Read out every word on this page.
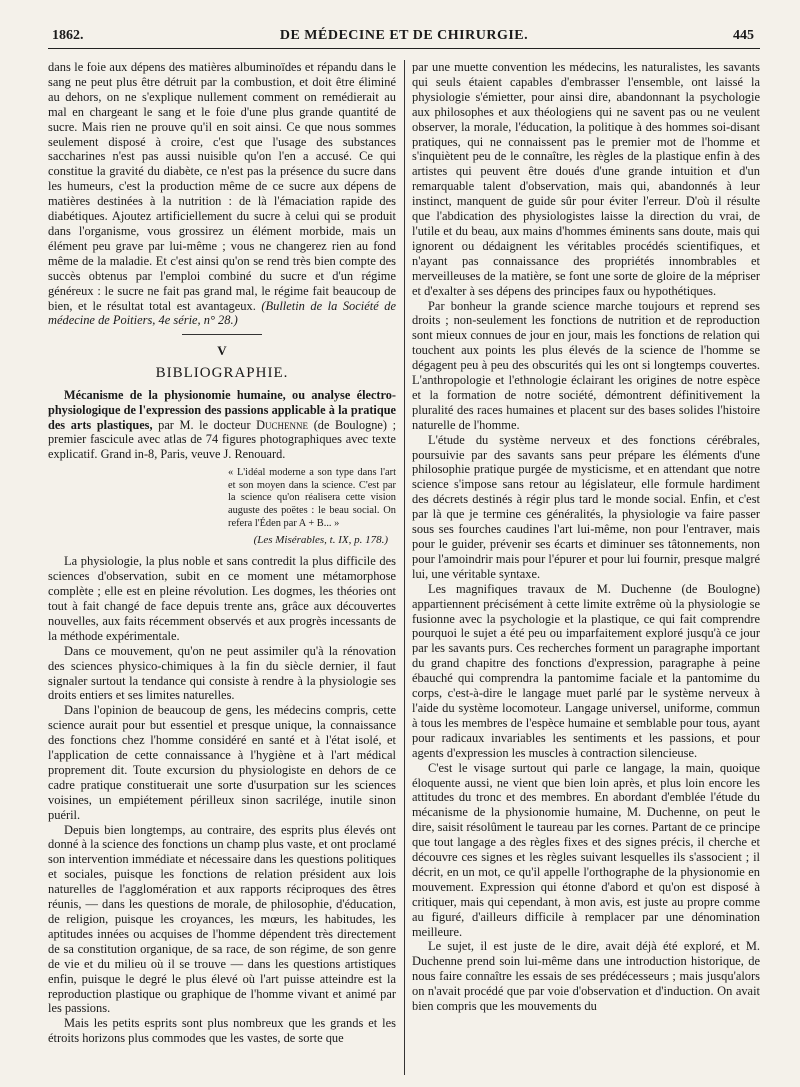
1862.	DE MÉDECINE ET DE CHIRURGIE.	445

dans le foie aux dépens des matières albuminoïdes et répandu dans le sang ne peut plus être détruit par la combustion, et doit être éliminé au dehors, on ne s'explique nullement comment on remédierait au mal en chargeant le sang et le foie d'une plus grande quantité de sucre. Mais rien ne prouve qu'il en soit ainsi. Ce que nous sommes seulement disposé à croire, c'est que l'usage des substances saccharines n'est pas aussi nuisible qu'on l'en a accusé. Ce qui constitue la gravité du diabète, ce n'est pas la présence du sucre dans les humeurs, c'est la production même de ce sucre aux dépens de matières destinées à la nutrition : de là l'émaciation rapide des diabétiques. Ajoutez artificiellement du sucre à celui qui se produit dans l'organisme, vous grossirez un élément morbide, mais un élément peu grave par lui-même ; vous ne changerez rien au fond même de la maladie. Et c'est ainsi qu'on se rend très bien compte des succès obtenus par l'emploi combiné du sucre et d'un régime généreux : le sucre ne fait pas grand mal, le régime fait beaucoup de bien, et le résultat total est avantageux. (Bulletin de la Société de médecine de Poitiers, 4e série, n° 28.)

V
BIBLIOGRAPHIE.

Mécanisme de la physionomie humaine, ou analyse électro-physiologique de l'expression des passions applicable à la pratique des arts plastiques, par M. le docteur Duchenne (de Boulogne) ; premier fascicule avec atlas de 74 figures photographiques avec texte explicatif. Grand in-8, Paris, veuve J. Renouard.

« L'idéal moderne a son type dans l'art et son moyen dans la science. C'est par la science qu'on réalisera cette vision auguste des poëtes : le beau social. On refera l'Éden par A + B... »
(Les Misérables, t. IX, p. 178.)

La physiologie, la plus noble et sans contredit la plus difficile des sciences d'observation, subit en ce moment une métamorphose complète ; elle est en pleine révolution. Les dogmes, les théories ont tout à fait changé de face depuis trente ans, grâce aux découvertes nouvelles, aux faits récemment observés et aux progrès incessants de la méthode expérimentale.

Dans ce mouvement, qu'on ne peut assimiler qu'à la rénovation des sciences physico-chimiques à la fin du siècle dernier, il faut signaler surtout la tendance qui consiste à rendre à la physiologie ses droits entiers et ses limites naturelles.

Dans l'opinion de beaucoup de gens, les médecins compris, cette science aurait pour but essentiel et presque unique, la connaissance des fonctions chez l'homme considéré en santé et à l'état isolé, et l'application de cette connaissance à l'hygiène et à l'art médical proprement dit. Toute excursion du physiologiste en dehors de ce cadre pratique constituerait une sorte d'usurpation sur les sciences voisines, un empiétement périlleux sinon sacrilége, inutile sinon puéril.

Depuis bien longtemps, au contraire, des esprits plus élevés ont donné à la science des fonctions un champ plus vaste, et ont proclamé son intervention immédiate et nécessaire dans les questions politiques et sociales, puisque les fonctions de relation président aux lois naturelles de l'agglomération et aux rapports réciproques des êtres réunis, — dans les questions de morale, de philosophie, d'éducation, de religion, puisque les croyances, les mœurs, les habitudes, les aptitudes innées ou acquises de l'homme dépendent très directement de sa constitution organique, de sa race, de son régime, de son genre de vie et du milieu où il se trouve — dans les questions artistiques enfin, puisque le degré le plus élevé où l'art puisse atteindre est la reproduction plastique ou graphique de l'homme vivant et animé par les passions.

Mais les petits esprits sont plus nombreux que les grands et les étroits horizons plus commodes que les vastes, de sorte que

par une muette convention les médecins, les naturalistes, les savants qui seuls étaient capables d'embrasser l'ensemble, ont laissé la physiologie s'émietter, pour ainsi dire, abandonnant la psychologie aux philosophes et aux théologiens qui ne savent pas ou ne veulent observer, la morale, l'éducation, la politique à des hommes soi-disant pratiques, qui ne connaissent pas le premier mot de l'homme et s'inquiètent peu de le connaître, les règles de la plastique enfin à des artistes qui peuvent être doués d'une grande intuition et d'un remarquable talent d'observation, mais qui, abandonnés à leur instinct, manquent de guide sûr pour éviter l'erreur. D'où il résulte que l'abdication des physiologistes laisse la direction du vrai, de l'utile et du beau, aux mains d'hommes éminents sans doute, mais qui ignorent ou dédaignent les véritables procédés scientifiques, et n'ayant pas connaissance des propriétés innombrables et merveilleuses de la matière, se font une sorte de gloire de la mépriser et d'exalter à ses dépens des principes faux ou hypothétiques.

Par bonheur la grande science marche toujours et reprend ses droits ; non-seulement les fonctions de nutrition et de reproduction sont mieux connues de jour en jour, mais les fonctions de relation qui touchent aux points les plus élevés de la science de l'homme se dégagent peu à peu des obscurités qui les ont si longtemps couvertes. L'anthropologie et l'ethnologie éclairant les origines de notre espèce et la formation de notre société, démontrent définitivement la pluralité des races humaines et placent sur des bases solides l'histoire naturelle de l'homme.

L'étude du système nerveux et des fonctions cérébrales, poursuivie par des savants sans peur prépare les éléments d'une philosophie pratique purgée de mysticisme, et en attendant que notre science s'impose sans retour au législateur, elle formule hardiment des décrets destinés à régir plus tard le monde social. Enfin, et c'est par là que je termine ces généralités, la physiologie va faire passer sous ses fourches caudines l'art lui-même, non pour l'entraver, mais pour le guider, prévenir ses écarts et diminuer ses tâtonnements, non pour l'amoindrir mais pour l'épurer et pour lui fournir, presque malgré lui, une véritable syntaxe.

Les magnifiques travaux de M. Duchenne (de Boulogne) appartiennent précisément à cette limite extrême où la physiologie se fusionne avec la psychologie et la plastique, ce qui fait comprendre pourquoi le sujet a été peu ou imparfaitement exploré jusqu'à ce jour par les savants purs. Ces recherches forment un paragraphe important du grand chapitre des fonctions d'expression, paragraphe à peine ébauché qui comprendra la pantomime faciale et la pantomime du corps, c'est-à-dire le langage muet parlé par le système nerveux à l'aide du système locomoteur. Langage universel, uniforme, commun à tous les membres de l'espèce humaine et semblable pour tous, ayant pour radicaux invariables les sentiments et les passions, et pour agents d'expression les muscles à contraction silencieuse.

C'est le visage surtout qui parle ce langage, la main, quoique éloquente aussi, ne vient que bien loin après, et plus loin encore les attitudes du tronc et des membres. En abordant d'emblée l'étude du mécanisme de la physionomie humaine, M. Duchenne, on peut le dire, saisit résolûment le taureau par les cornes. Partant de ce principe que tout langage a des règles fixes et des signes précis, il cherche et découvre ces signes et les règles suivant lesquelles ils s'associent ; il décrit, en un mot, ce qu'il appelle l'orthographe de la physionomie en mouvement. Expression qui étonne d'abord et qu'on est disposé à critiquer, mais qui cependant, à mon avis, est juste au propre comme au figuré, d'ailleurs difficile à remplacer par une dénomination meilleure.

Le sujet, il est juste de le dire, avait déjà été exploré, et M. Duchenne prend soin lui-même dans une introduction historique, de nous faire connaître les essais de ses prédécesseurs ; mais jusqu'alors on n'avait procédé que par voie d'observation et d'induction. On avait bien compris que les mouvements du
